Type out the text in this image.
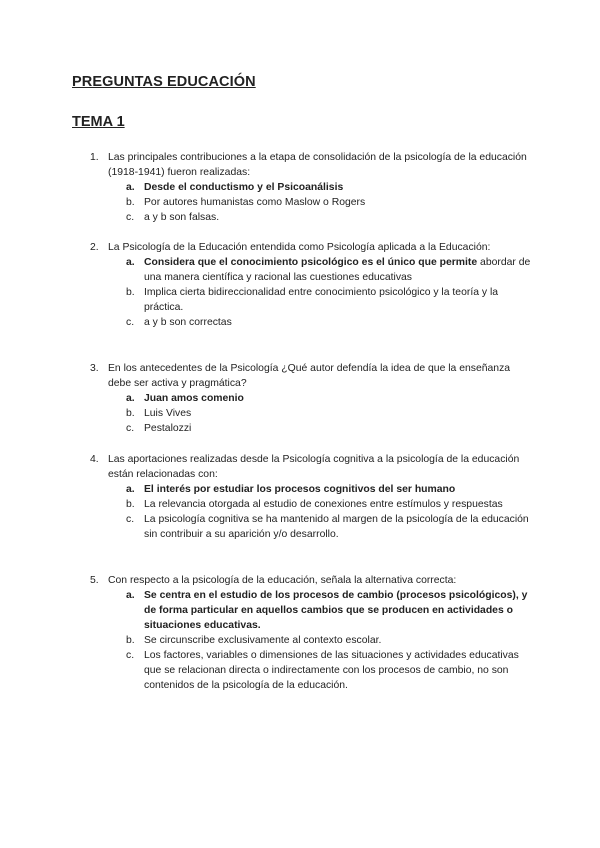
PREGUNTAS EDUCACIÓN
TEMA 1
1. Las principales contribuciones a la etapa de consolidación de la psicología de la educación (1918-1941) fueron realizadas:
a. Desde el conductismo y el Psicoanálisis
b. Por autores humanistas como Maslow o Rogers
c. a y b son falsas.
2. La Psicología de la Educación entendida como Psicología aplicada a la Educación:
a. Considera que el conocimiento psicológico es el único que permite abordar de una manera científica y racional las cuestiones educativas
b. Implica cierta bidireccionalidad entre conocimiento psicológico y la teoría y la práctica.
c. a y b son correctas
3. En los antecedentes de la Psicología ¿Qué autor defendía la idea de que la enseñanza debe ser activa y pragmática?
a. Juan amos comenio
b. Luis Vives
c. Pestalozzi
4. Las aportaciones realizadas desde la Psicología cognitiva a la psicología de la educación están relacionadas con:
a. El interés por estudiar los procesos cognitivos del ser humano
b. La relevancia otorgada al estudio de conexiones entre estímulos y respuestas
c. La psicología cognitiva se ha mantenido al margen de la psicología de la educación sin contribuir a su aparición y/o desarrollo.
5. Con respecto a la psicología de la educación, señala la alternativa correcta:
a. Se centra en el estudio de los procesos de cambio (procesos psicológicos), y de forma particular en aquellos cambios que se producen en actividades o situaciones educativas.
b. Se circunscribe exclusivamente al contexto escolar.
c. Los factores, variables o dimensiones de las situaciones y actividades educativas que se relacionan directa o indirectamente con los procesos de cambio, no son contenidos de la psicología de la educación.
